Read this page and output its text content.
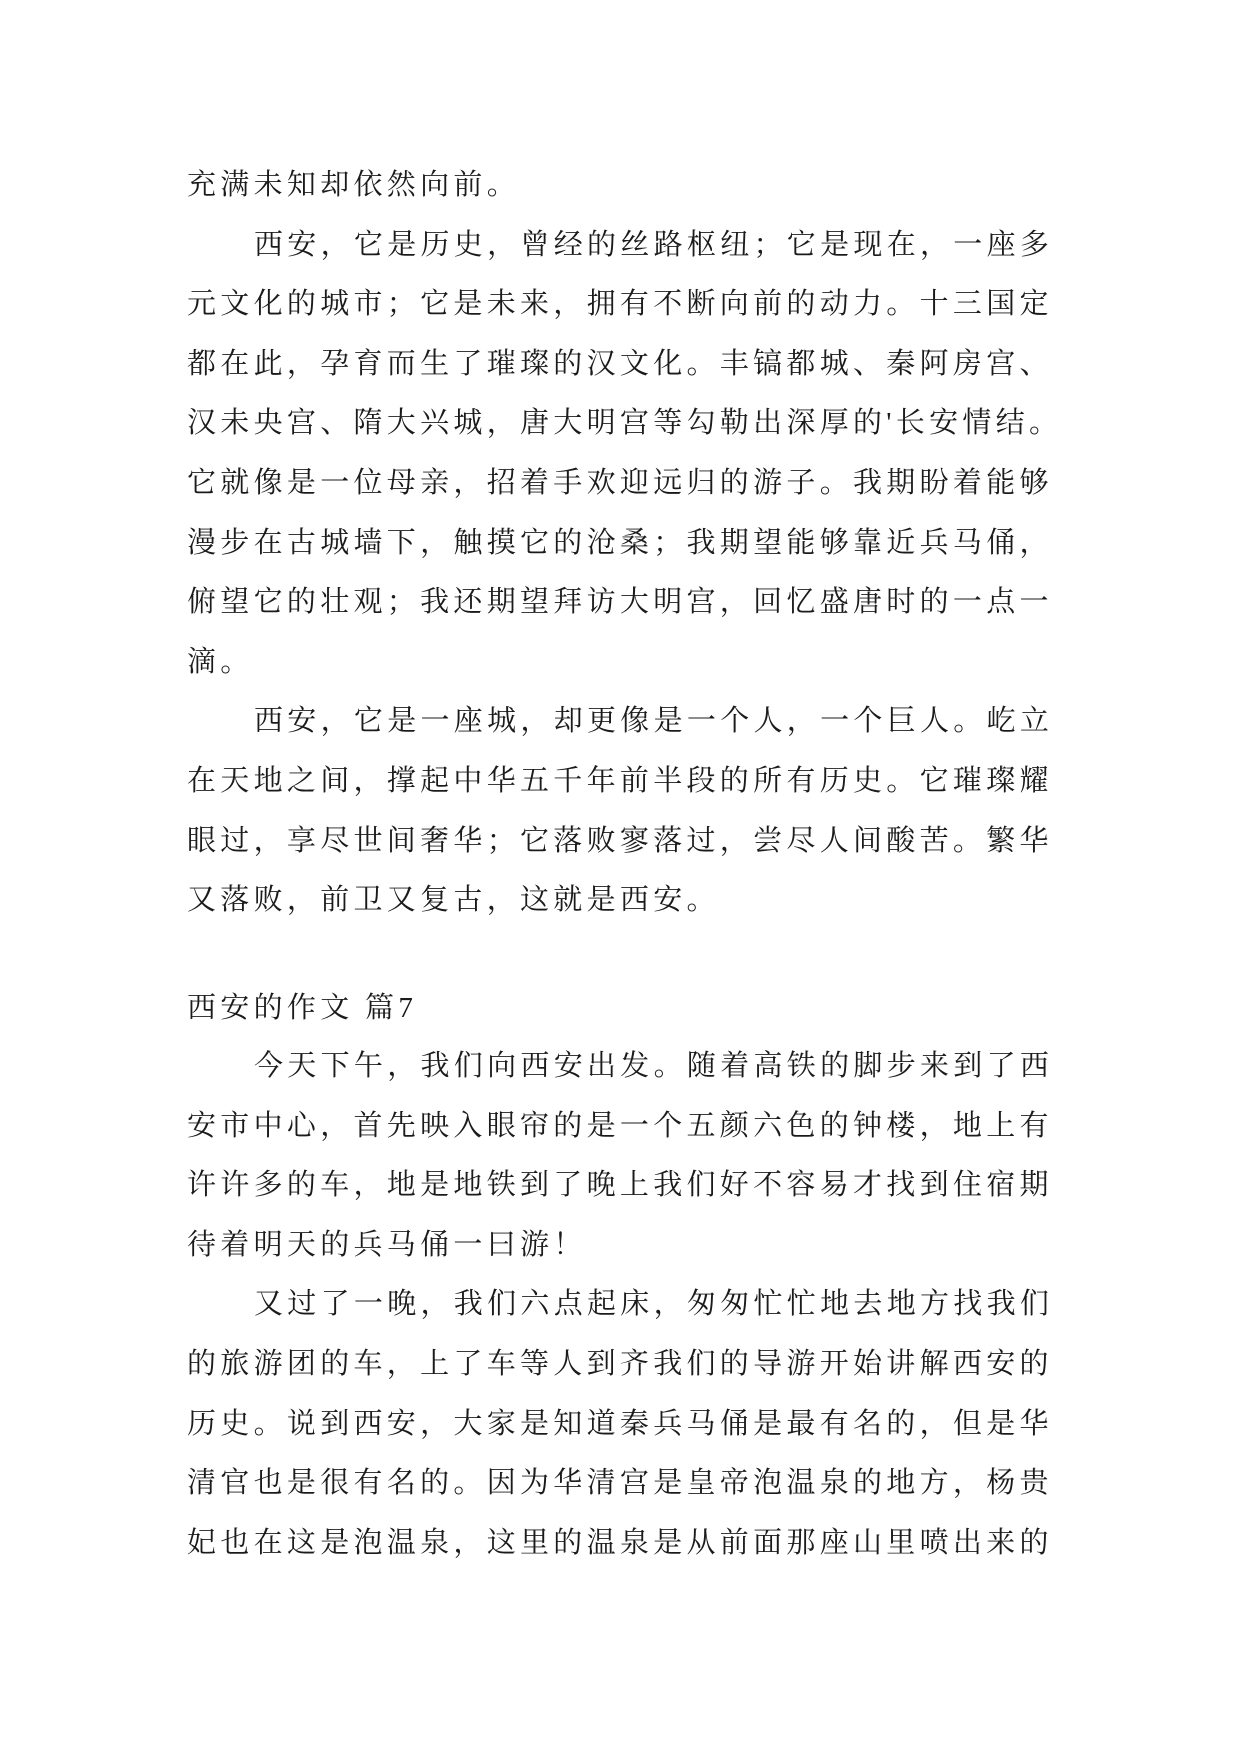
充满未知却依然向前。
西安，它是历史，曾经的丝路枢纽；它是现在，一座多
元文化的城市；它是未来，拥有不断向前的动力。十三国定
都在此，孕育而生了璀璨的汉文化。丰镐都城、秦阿房宫、
汉未央宫、隋大兴城，唐大明宫等勾勒出深厚的'长安情结。
它就像是一位母亲，招着手欢迎远归的游子。我期盼着能够
漫步在古城墙下，触摸它的沧桑；我期望能够靠近兵马俑，
俯望它的壮观；我还期望拜访大明宫，回忆盛唐时的一点一
滴。
西安，它是一座城，却更像是一个人，一个巨人。屹立
在天地之间，撑起中华五千年前半段的所有历史。它璀璨耀
眼过，享尽世间奢华；它落败寥落过，尝尽人间酸苦。繁华
又落败，前卫又复古，这就是西安。
西安的作文 篇7
今天下午，我们向西安出发。随着高铁的脚步来到了西
安市中心，首先映入眼帘的是一个五颜六色的钟楼，地上有
许许多的车，地是地铁到了晚上我们好不容易才找到住宿期
待着明天的兵马俑一曰游！
又过了一晚，我们六点起床，匆匆忙忙地去地方找我们
的旅游团的车，上了车等人到齐我们的导游开始讲解西安的
历史。说到西安，大家是知道秦兵马俑是最有名的，但是华
清官也是很有名的。因为华清宫是皇帝泡温泉的地方，杨贵
妃也在这是泡温泉，这里的温泉是从前面那座山里喷出来的
